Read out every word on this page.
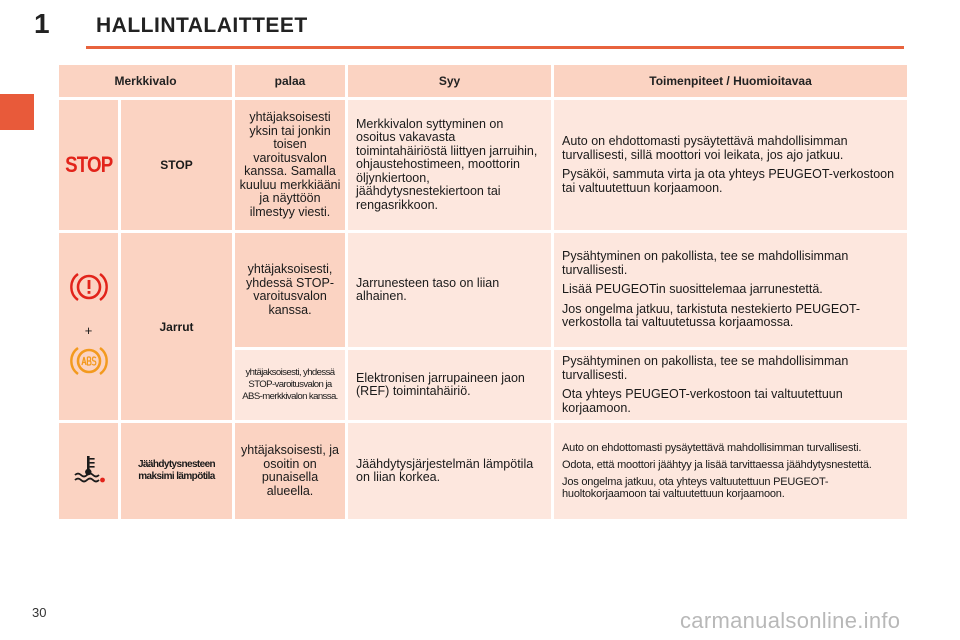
1 HALLINTALAITTEET
Merkkivalo		palaa	Syy	Toimenpiteet / Huomioitavaa
STOP	STOP	yhtäjaksoisesti yksin tai jonkin toisen varoitusvalon kanssa. Samalla kuuluu merkkiääni ja näyttöön ilmestyy viesti.	Merkkivalon syttyminen on osoitus vakavasta toimintahäiriöstä liittyen jarruihin, ohjaustehostimeen, moottorin öljynkiertoon, jäähdytysnestekiertoon tai rengasrikkoon.	Auto on ehdottomasti pysäytettävä mahdollisimman turvallisesti, sillä moottori voi leikata, jos ajo jatkuu.

Pysäköi, sammuta virta ja ota yhteys PEUGEOT-verkostoon tai valtuutettuun korjaamoon.

+	Jarrut	yhtäjaksoisesti, yhdessä STOP-varoitusvalon kanssa.	Jarrunesteen taso on liian alhainen.	Pysähtyminen on pakollista, tee se mahdollisimman turvallisesti.

Lisää PEUGEOTin suosittelemaa jarrunestettä.

Jos ongelma jatkuu, tarkistuta nestekierto PEUGEOT-verkostolla tai valtuutetussa korjaamossa.

		yhtäjaksoisesti, yhdessä STOP-varoitusvalon ja ABS-merkkivalon kanssa.	Elektronisen jarrupaineen jaon (REF) toimintahäiriö.	Pysähtyminen on pakollista, tee se mahdollisimman turvallisesti.

Ota yhteys PEUGEOT-verkostoon tai valtuutettuun korjaamoon.

	Jäähdytysnesteen maksimi lämpötila	yhtäjaksoisesti, ja osoitin on punaisella alueella.	Jäähdytysjärjestelmän lämpötila on liian korkea.	Auto on ehdottomasti pysäytettävä mahdollisimman turvallisesti.

Odota, että moottori jäähtyy ja lisää tarvittaessa jäähdytysnestettä.

Jos ongelma jatkuu, ota yhteys valtuutettuun PEUGEOT-huoltokorjaamoon tai valtuutettuun korjaamoon.

30	carmanualsonline.info
